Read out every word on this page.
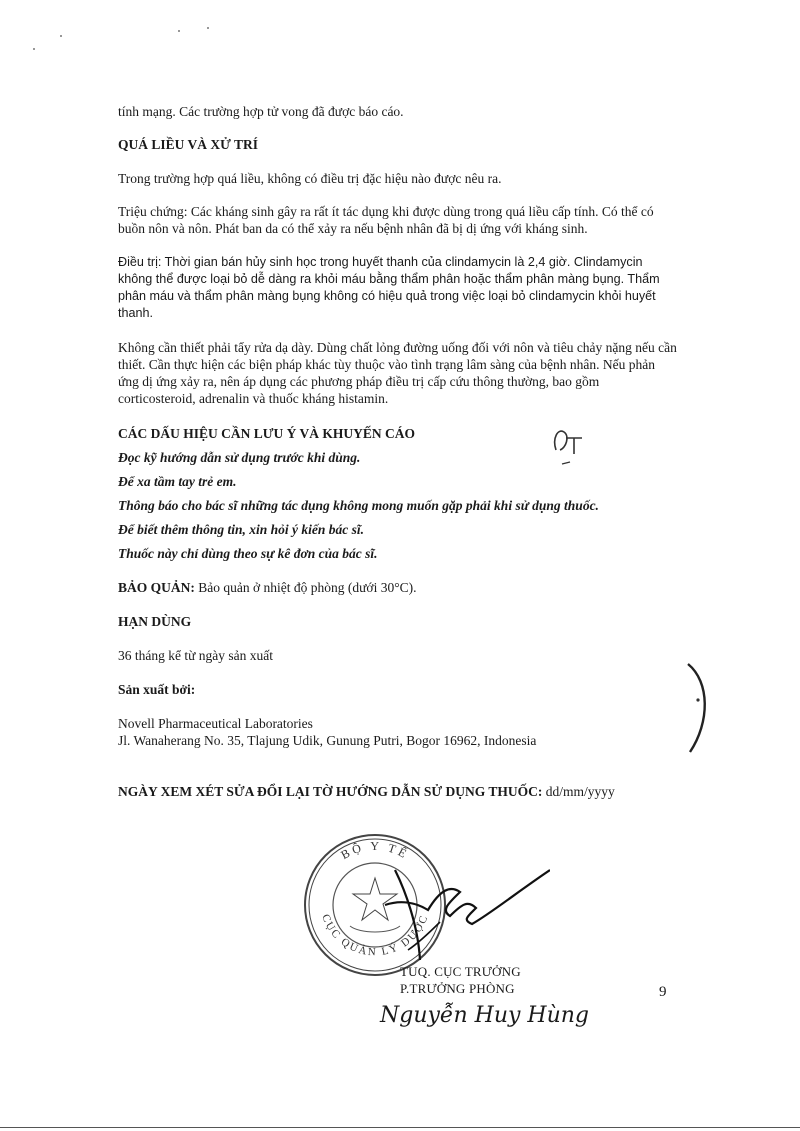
tính mạng. Các trường hợp tử vong đã được báo cáo.
QUÁ LIỀU VÀ XỬ TRÍ
Trong trường hợp quá liều, không có điều trị đặc hiệu nào được nêu ra.
Triệu chứng: Các kháng sinh gây ra rất ít tác dụng khi được dùng trong quá liều cấp tính. Có thể có buồn nôn và nôn. Phát ban da có thể xảy ra nếu bệnh nhân đã bị dị ứng với kháng sinh.
Điều trị: Thời gian bán hủy sinh học trong huyết thanh của clindamycin là 2,4 giờ. Clindamycin không thể được loại bỏ dễ dàng ra khỏi máu bằng thẩm phân hoặc thẩm phân màng bụng. Thẩm phân máu và thẩm phân màng bụng không có hiệu quả trong việc loại bỏ clindamycin khỏi huyết thanh.
Không cần thiết phải tẩy rửa dạ dày. Dùng chất lỏng đường uống đối với nôn và tiêu chảy nặng nếu cần thiết. Cần thực hiện các biện pháp khác tùy thuộc vào tình trạng lâm sàng của bệnh nhân. Nếu phản ứng dị ứng xảy ra, nên áp dụng các phương pháp điều trị cấp cứu thông thường, bao gồm corticosteroid, adrenalin và thuốc kháng histamin.
CÁC DẤU HIỆU CẦN LƯU Ý VÀ KHUYẾN CÁO
Đọc kỹ hướng dẫn sử dụng trước khi dùng.
Để xa tầm tay trẻ em.
Thông báo cho bác sĩ những tác dụng không mong muốn gặp phải khi sử dụng thuốc.
Để biết thêm thông tin, xin hỏi ý kiến bác sĩ.
Thuốc này chỉ dùng theo sự kê đơn của bác sĩ.
BẢO QUẢN: Bảo quản ở nhiệt độ phòng (dưới 30°C).
HẠN DÙNG
36 tháng kể từ ngày sản xuất
Sản xuất bởi:
Novell Pharmaceutical Laboratories
Jl. Wanaherang No. 35, Tlajung Udik, Gunung Putri, Bogor 16962, Indonesia
NGÀY XEM XÉT SỬA ĐỔI LẠI TỜ HƯỚNG DẪN SỬ DỤNG THUỐC: dd/mm/yyyy
BỘ Y TẾ
CỤC QUẢN LÝ DƯỢC
TUQ. CỤC TRƯỞNG
P.TRƯỞNG PHÒNG
Nguyễn Huy Hùng
9
